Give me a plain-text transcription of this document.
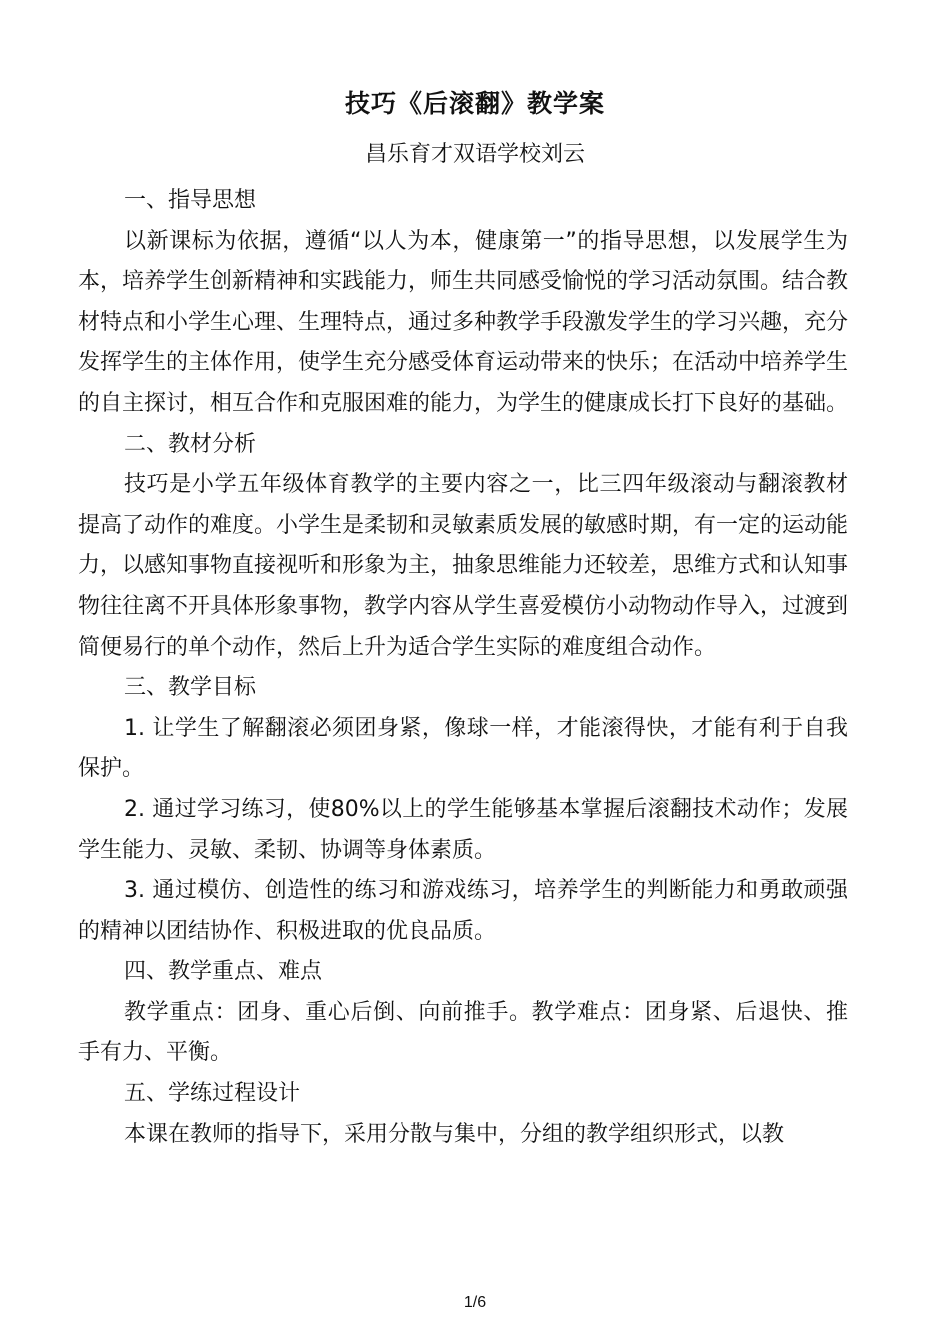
技巧《后滚翻》教学案
昌乐育才双语学校刘云

一、指导思想

以新课标为依据，遵循“以人为本，健康第一”的指导思想，以发展学生为本，培养学生创新精神和实践能力，师生共同感受愉悦的学习活动氛围。结合教材特点和小学生心理、生理特点，通过多种教学手段激发学生的学习兴趣，充分发挥学生的主体作用，使学生充分感受体育运动带来的快乐；在活动中培养学生的自主探讨，相互合作和克服困难的能力，为学生的健康成长打下良好的基础。

二、教材分析

技巧是小学五年级体育教学的主要内容之一，比三四年级滚动与翻滚教材提高了动作的难度。小学生是柔韧和灵敏素质发展的敏感时期，有一定的运动能力，以感知事物直接视听和形象为主，抽象思维能力还较差，思维方式和认知事物往往离不开具体形象事物，教学内容从学生喜爱模仿小动物动作导入，过渡到简便易行的单个动作，然后上升为适合学生实际的难度组合动作。

三、教学目标

1. 让学生了解翻滚必须团身紧，像球一样，才能滚得快，才能有利于自我保护。

2. 通过学习练习，使80%以上的学生能够基本掌握后滚翻技术动作；发展学生能力、灵敏、柔韧、协调等身体素质。

3. 通过模仿、创造性的练习和游戏练习，培养学生的判断能力和勇敢顽强的精神以团结协作、积极进取的优良品质。

四、教学重点、难点

教学重点：团身、重心后倒、向前推手。教学难点：团身紧、后退快、推手有力、平衡。

五、学练过程设计

本课在教师的指导下，采用分散与集中，分组的教学组织形式，以教

1/6
